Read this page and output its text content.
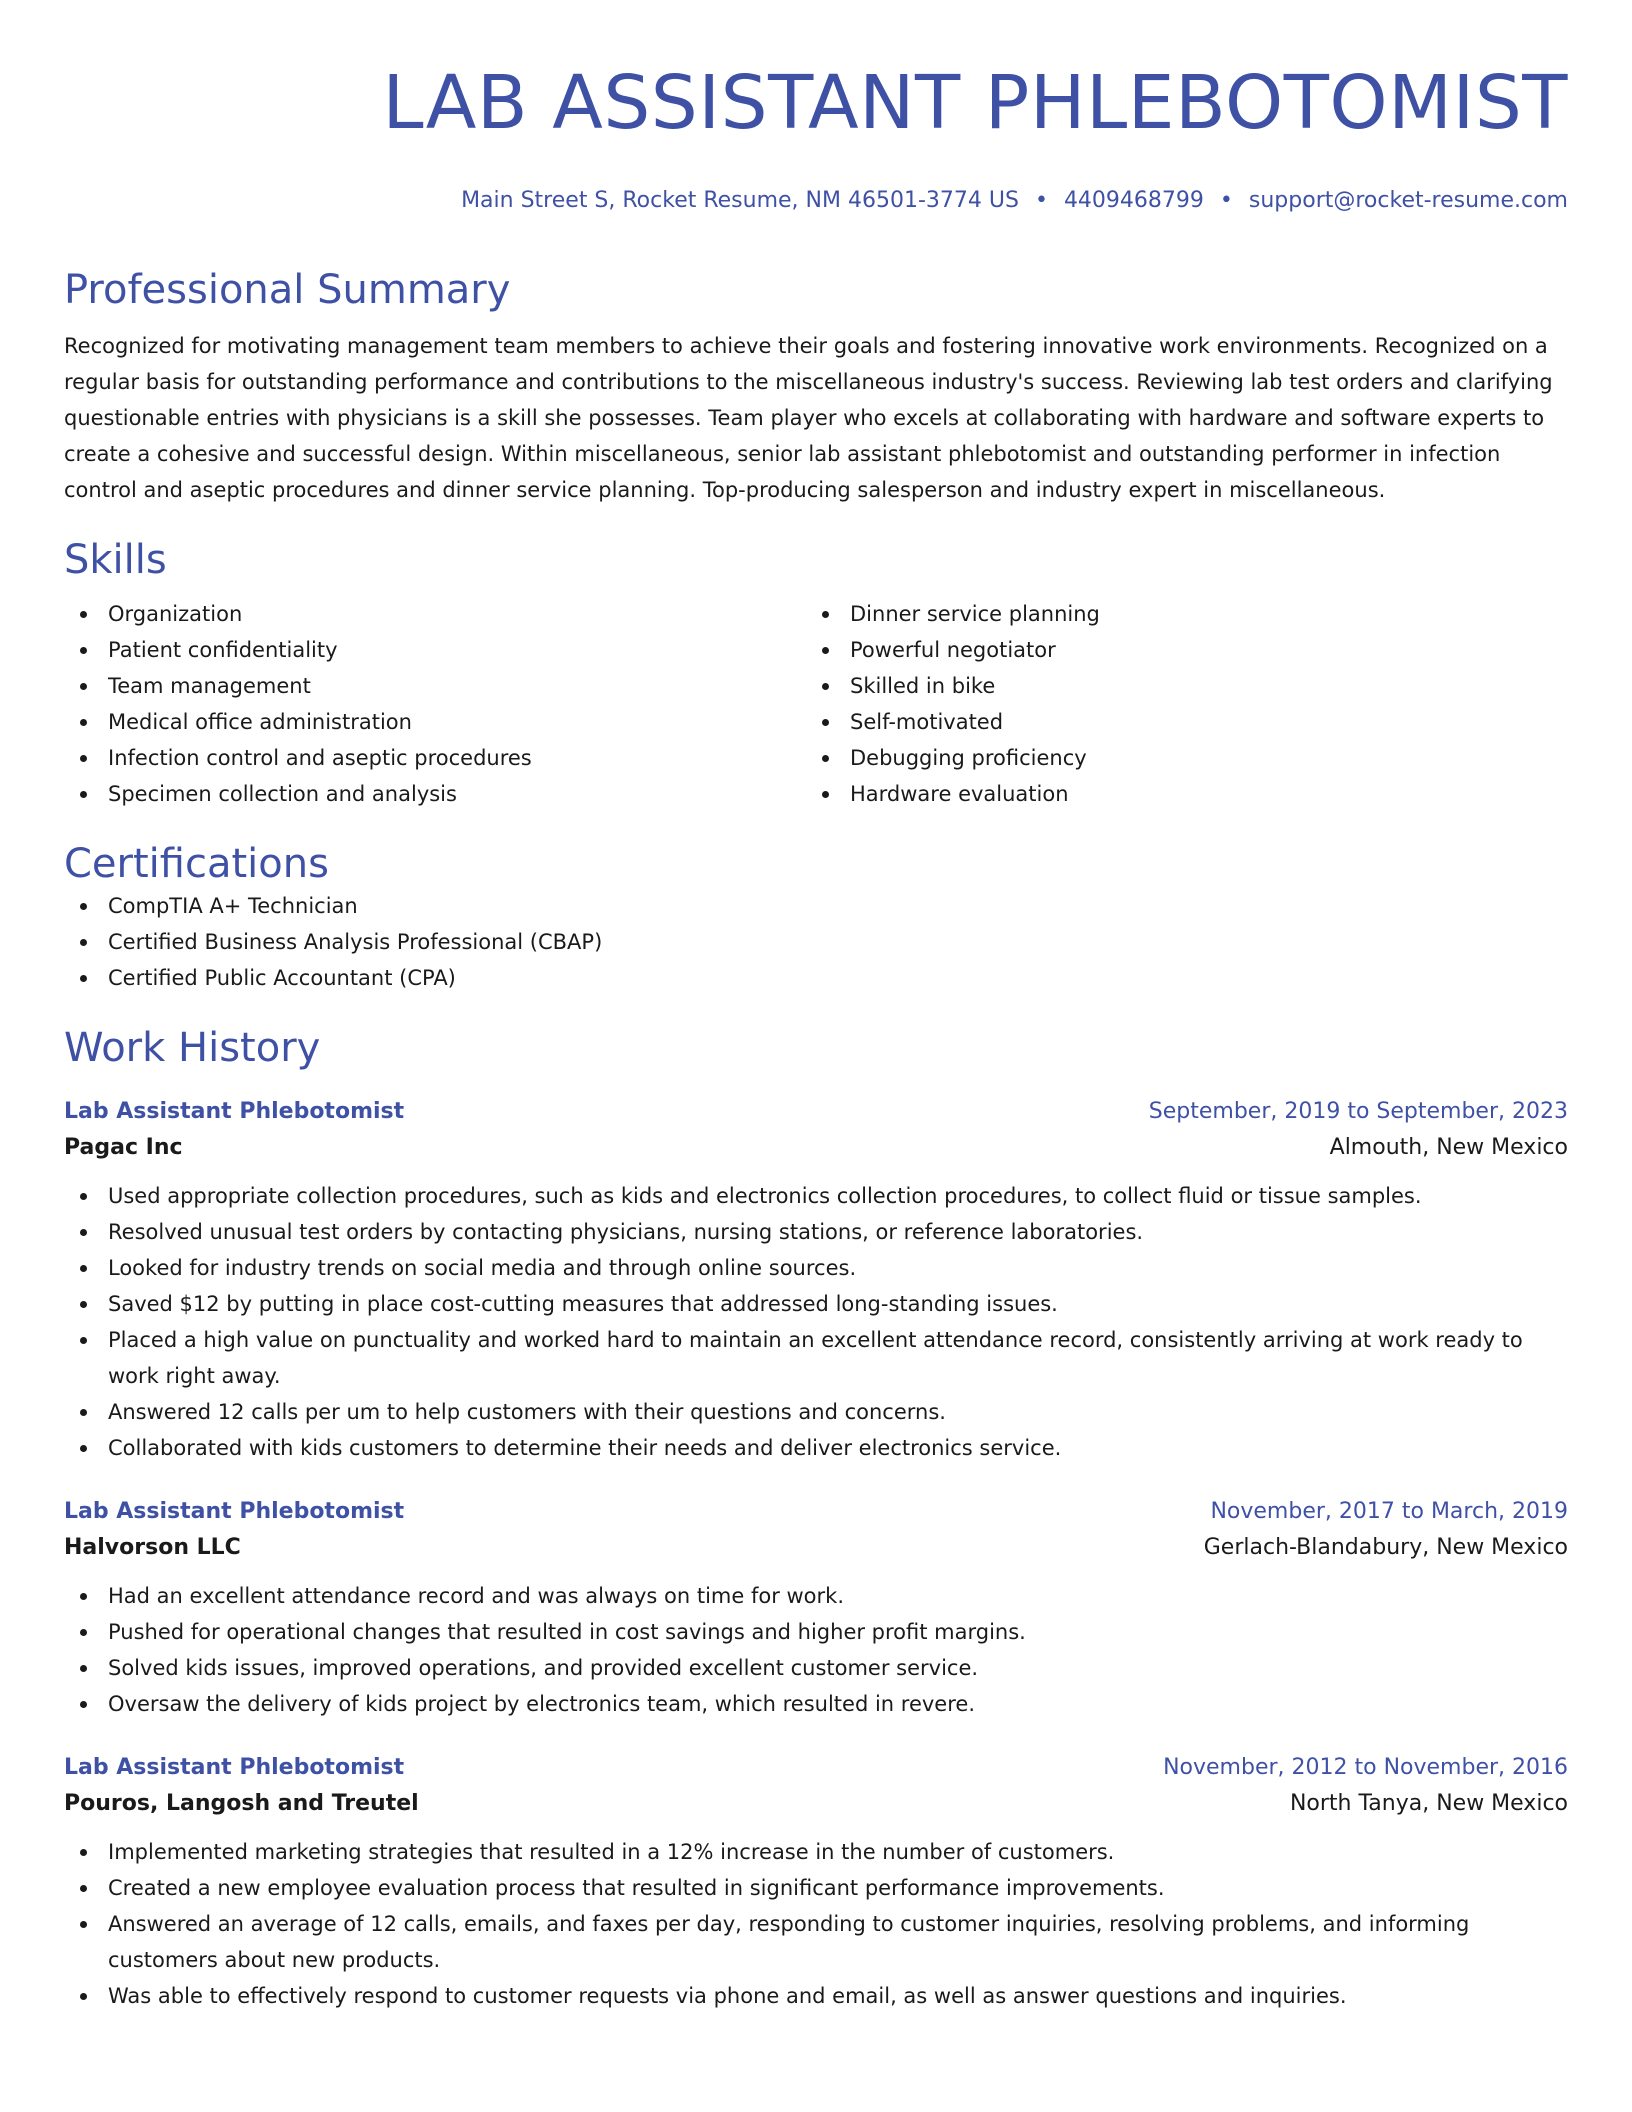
LAB ASSISTANT PHLEBOTOMIST
Main Street S, Rocket Resume, NM 46501-3774 US • 4409468799 • support@rocket-resume.com
Professional Summary
Recognized for motivating management team members to achieve their goals and fostering innovative work environments. Recognized on a regular basis for outstanding performance and contributions to the miscellaneous industry's success. Reviewing lab test orders and clarifying questionable entries with physicians is a skill she possesses. Team player who excels at collaborating with hardware and software experts to create a cohesive and successful design. Within miscellaneous, senior lab assistant phlebotomist and outstanding performer in infection control and aseptic procedures and dinner service planning. Top-producing salesperson and industry expert in miscellaneous.
Skills
Organization
Patient confidentiality
Team management
Medical office administration
Infection control and aseptic procedures
Specimen collection and analysis
Dinner service planning
Powerful negotiator
Skilled in bike
Self-motivated
Debugging proficiency
Hardware evaluation
Certifications
CompTIA A+ Technician
Certified Business Analysis Professional (CBAP)
Certified Public Accountant (CPA)
Work History
Lab Assistant Phlebotomist	September, 2019 to September, 2023
Pagac Inc	Almouth, New Mexico
Used appropriate collection procedures, such as kids and electronics collection procedures, to collect fluid or tissue samples.
Resolved unusual test orders by contacting physicians, nursing stations, or reference laboratories.
Looked for industry trends on social media and through online sources.
Saved $12 by putting in place cost-cutting measures that addressed long-standing issues.
Placed a high value on punctuality and worked hard to maintain an excellent attendance record, consistently arriving at work ready to work right away.
Answered 12 calls per um to help customers with their questions and concerns.
Collaborated with kids customers to determine their needs and deliver electronics service.
Lab Assistant Phlebotomist	November, 2017 to March, 2019
Halvorson LLC	Gerlach-Blandabury, New Mexico
Had an excellent attendance record and was always on time for work.
Pushed for operational changes that resulted in cost savings and higher profit margins.
Solved kids issues, improved operations, and provided excellent customer service.
Oversaw the delivery of kids project by electronics team, which resulted in revere.
Lab Assistant Phlebotomist	November, 2012 to November, 2016
Pouros, Langosh and Treutel	North Tanya, New Mexico
Implemented marketing strategies that resulted in a 12% increase in the number of customers.
Created a new employee evaluation process that resulted in significant performance improvements.
Answered an average of 12 calls, emails, and faxes per day, responding to customer inquiries, resolving problems, and informing customers about new products.
Was able to effectively respond to customer requests via phone and email, as well as answer questions and inquiries.
